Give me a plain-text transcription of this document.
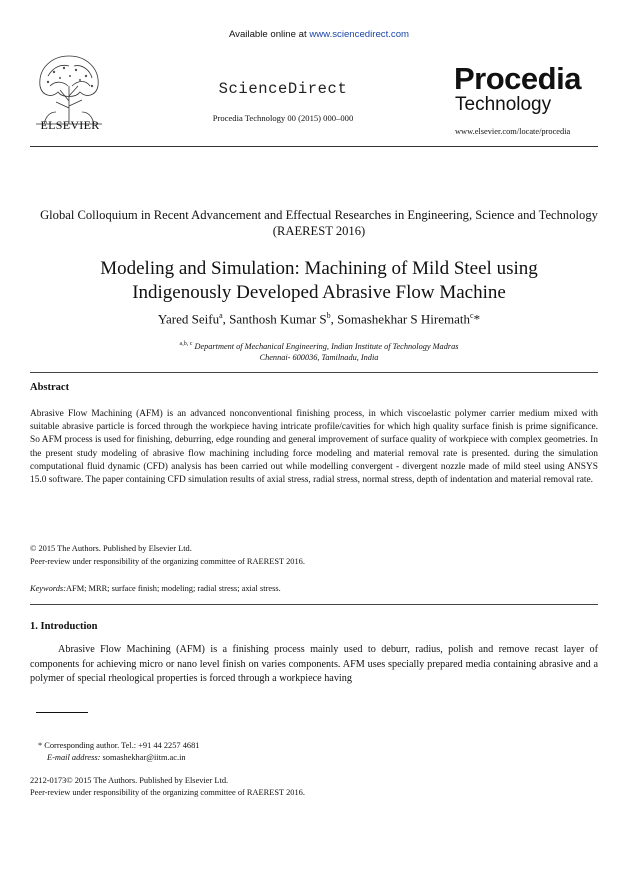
ELSEVIER
Available online at www.sciencedirect.com
ScienceDirect
Procedia Technology 00 (2015) 000–000
Procedia
Technology
www.elsevier.com/locate/procedia
Global Colloquium in Recent Advancement and Effectual Researches in Engineering, Science and Technology (RAEREST 2016)
Modeling and Simulation: Machining of Mild Steel using
Indigenously Developed Abrasive Flow Machine
Yared Seifu$^a$, Santhosh Kumar $S^b$, Somashekhar S Hiremath$^c$*
$^{a,b, c}$ Department of Mechanical Engineering, Indian Institute of Technology Madras
Chennai- 600036, Tamilnadu, India
Abstract
Abrasive Flow Machining (AFM) is an advanced nonconventional finishing process, in which viscoelastic polymer carrier medium mixed with suitable abrasive particle is forced through the workpiece having intricate profile/cavities for which high quality surface finish is prime significance. So AFM process is used for finishing, deburring, edge rounding and general improvement of surface quality of workpiece with complex geometries. In the present study modeling of abrasive flow machining including force modeling and material removal rate is presented. during the simulation computational fluid dynamic (CFD) analysis has been carried out while modelling convergent - divergent nozzle made of mild steel using ANSYS 15.0 software. The paper containing CFD simulation results of axial stress, radial stress, normal stress, depth of indentation and material removal rate.
© 2015 The Authors. Published by Elsevier Ltd.
Peer-review under responsibility of the organizing committee of RAEREST 2016.
Keywords:AFM; MRR; surface finish; modeling; radial stress; axial stress.
1. Introduction
Abrasive Flow Machining (AFM) is a finishing process mainly used to deburr, radius, polish and remove recast layer of components for achieving micro or nano level finish on varies components. AFM uses specially prepared media containing abrasive and a polymer of special rheological properties is forced through a workpiece having
* Corresponding author. Tel.: +91 44 2257 4681
E-mail address: somashekhar@iitm.ac.in
2212-0173© 2015 The Authors. Published by Elsevier Ltd.
Peer-review under responsibility of the organizing committee of RAEREST 2016.
